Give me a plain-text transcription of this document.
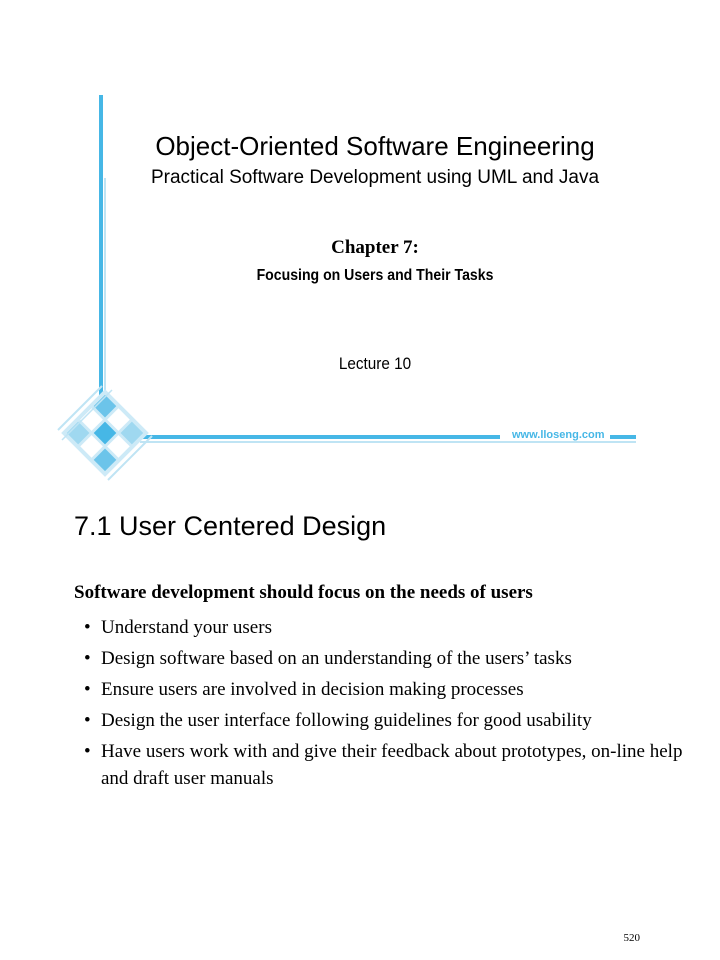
Object-Oriented Software Engineering
Practical Software Development using UML and Java
Chapter 7:
Focusing on Users and Their Tasks
Lecture 10
www.lloseng.com
7.1 User Centered Design
Software development should focus on the needs of users
• Understand your users
• Design software based on an understanding of the users’ tasks
• Ensure users are involved in decision making processes
• Design the user interface following guidelines for good usability
• Have users work with and give their feedback about prototypes, on-line help and draft user manuals
520
